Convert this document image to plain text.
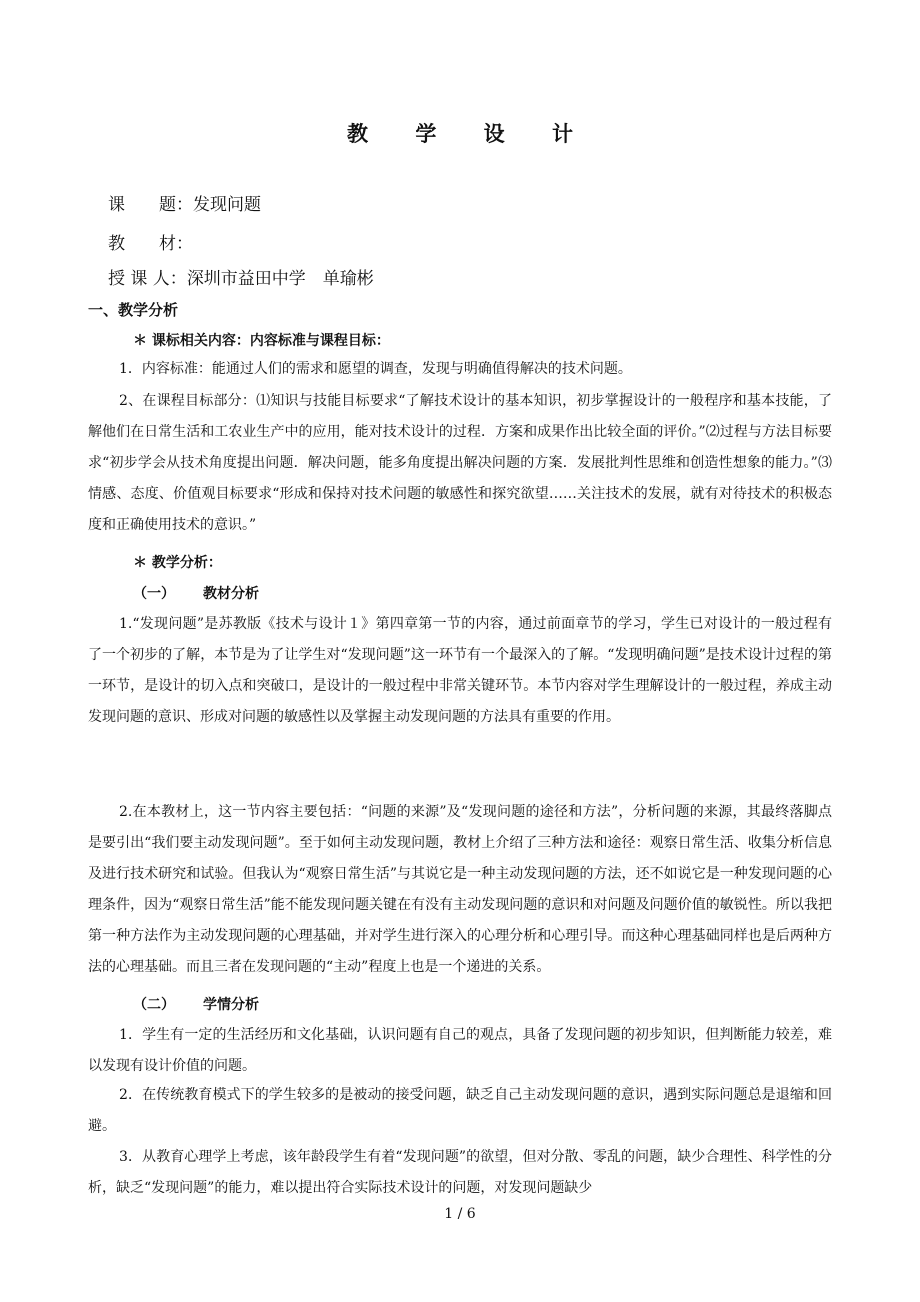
教 学 设 计
课　　题：发现问题
教　　材：
授 课 人：深圳市益田中学　单瑜彬
一、教学分析
＊ 课标相关内容：内容标准与课程目标：

1．内容标准：能通过人们的需求和愿望的调查，发现与明确值得解决的技术问题。

2、在课程目标部分：⑴知识与技能目标要求“了解技术设计的基本知识，初步掌握设计的一般程序和基本技能，了解他们在日常生活和工农业生产中的应用，能对技术设计的过程．方案和成果作出比较全面的评价。”⑵过程与方法目标要求“初步学会从技术角度提出问题．解决问题，能多角度提出解决问题的方案．发展批判性思维和创造性想象的能力。”⑶情感、态度、价值观目标要求“形成和保持对技术问题的敏感性和探究欲望……关注技术的发展，就有对待技术的积极态度和正确使用技术的意识。”

＊ 教学分析：
（一） 教材分析

1.“发现问题”是苏教版《技术与设计１》第四章第一节的内容，通过前面章节的学习，学生已对设计的一般过程有了一个初步的了解，本节是为了让学生对“发现问题”这一环节有一个最深入的了解。“发现明确问题”是技术设计过程的第一环节，是设计的切入点和突破口，是设计的一般过程中非常关键环节。本节内容对学生理解设计的一般过程，养成主动发现问题的意识、形成对问题的敏感性以及掌握主动发现问题的方法具有重要的作用。

2.在本教材上，这一节内容主要包括：“问题的来源”及“发现问题的途径和方法”，分析问题的来源，其最终落脚点是要引出“我们要主动发现问题”。至于如何主动发现问题，教材上介绍了三种方法和途径：观察日常生活、收集分析信息及进行技术研究和试验。但我认为“观察日常生活”与其说它是一种主动发现问题的方法，还不如说它是一种发现问题的心理条件，因为“观察日常生活”能不能发现问题关键在有没有主动发现问题的意识和对问题及问题价值的敏锐性。所以我把第一种方法作为主动发现问题的心理基础，并对学生进行深入的心理分析和心理引导。而这种心理基础同样也是后两种方法的心理基础。而且三者在发现问题的“主动”程度上也是一个递进的关系。

（二） 学情分析

1．学生有一定的生活经历和文化基础，认识问题有自己的观点，具备了发现问题的初步知识，但判断能力较差，难以发现有设计价值的问题。

2．在传统教育模式下的学生较多的是被动的接受问题，缺乏自己主动发现问题的意识，遇到实际问题总是退缩和回避。

3．从教育心理学上考虑，该年龄段学生有着“发现问题”的欲望，但对分散、零乱的问题，缺少合理性、科学性的分析，缺乏“发现问题”的能力，难以提出符合实际技术设计的问题，对发现问题缺少

1 / 6
